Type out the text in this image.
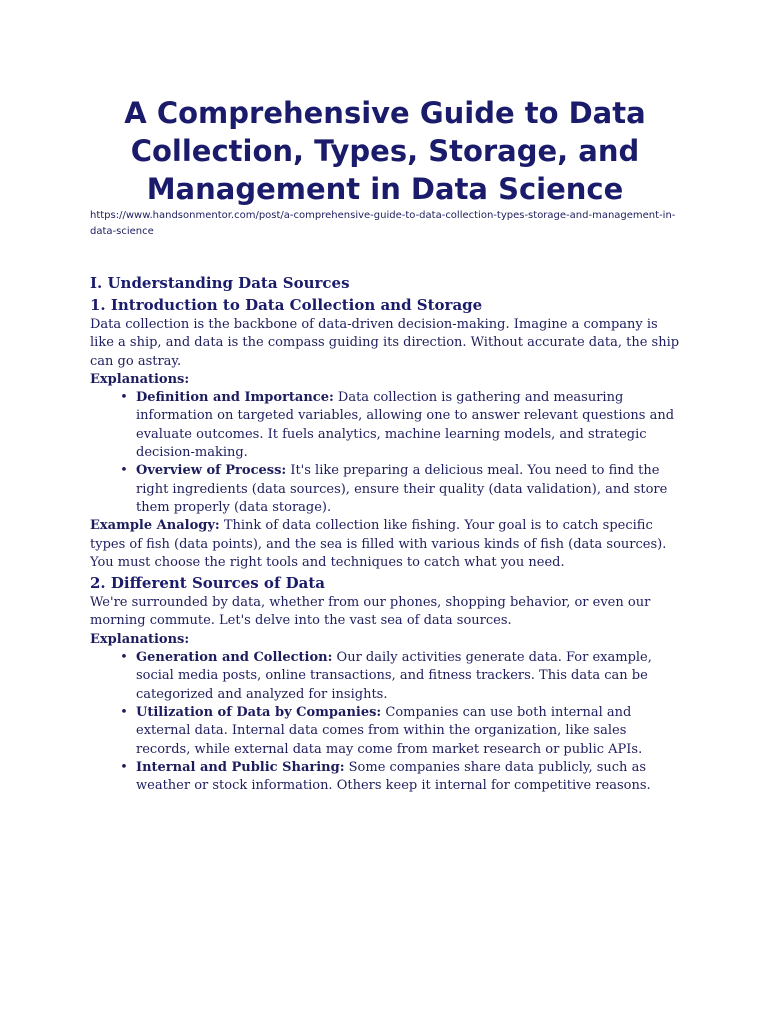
A Comprehensive Guide to Data Collection, Types, Storage, and Management in Data Science
https://www.handsonmentor.com/post/a-comprehensive-guide-to-data-collection-types-storage-and-management-in-data-science
I. Understanding Data Sources
1. Introduction to Data Collection and Storage

Data collection is the backbone of data-driven decision-making. Imagine a company is like a ship, and data is the compass guiding its direction. Without accurate data, the ship can go astray.

Explanations:

• Definition and Importance: Data collection is gathering and measuring information on targeted variables, allowing one to answer relevant questions and evaluate outcomes. It fuels analytics, machine learning models, and strategic decision-making.
• Overview of Process: It's like preparing a delicious meal. You need to find the right ingredients (data sources), ensure their quality (data validation), and store them properly (data storage).

Example Analogy: Think of data collection like fishing. Your goal is to catch specific types of fish (data points), and the sea is filled with various kinds of fish (data sources). You must choose the right tools and techniques to catch what you need.

2. Different Sources of Data

We're surrounded by data, whether from our phones, shopping behavior, or even our morning commute. Let's delve into the vast sea of data sources.

Explanations:

• Generation and Collection: Our daily activities generate data. For example, social media posts, online transactions, and fitness trackers. This data can be categorized and analyzed for insights.
• Utilization of Data by Companies: Companies can use both internal and external data. Internal data comes from within the organization, like sales records, while external data may come from market research or public APIs.
• Internal and Public Sharing: Some companies share data publicly, such as weather or stock information. Others keep it internal for competitive reasons.
